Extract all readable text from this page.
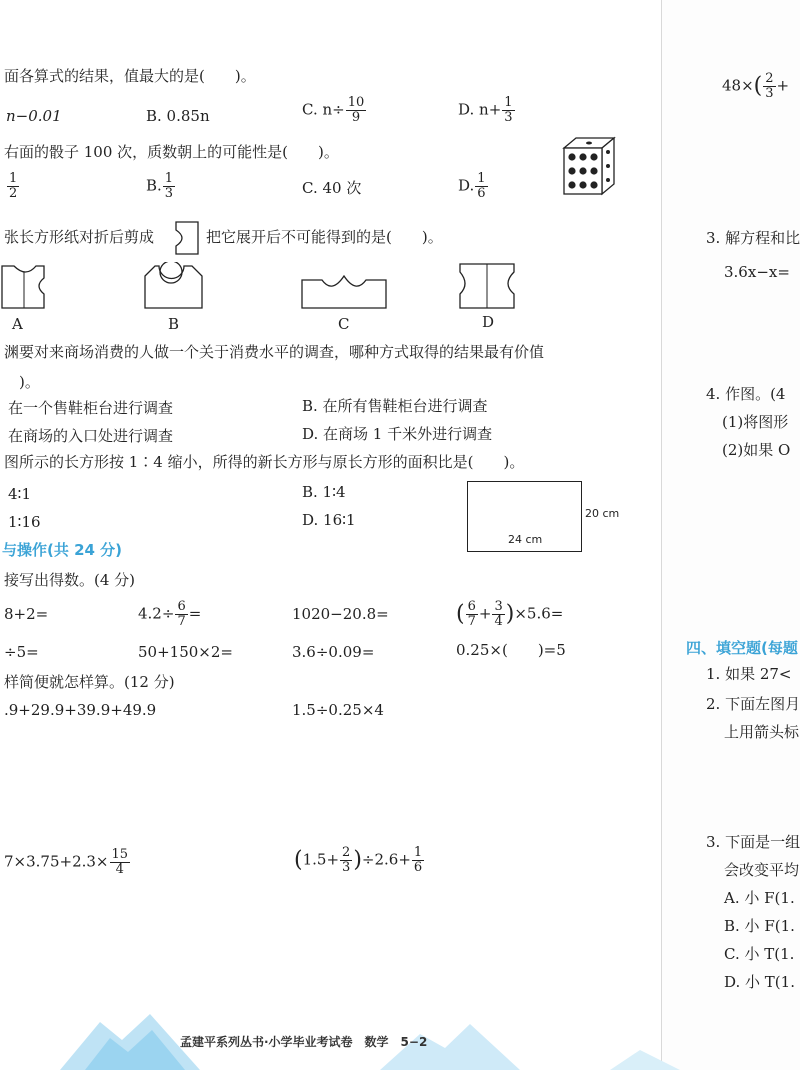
面各算式的结果，值最大的是(　　)。
n−0.01	B. 0.85n	C. $n\div \frac{10}{9}$	D. $n+ \frac{1}{3}$
右面的骰子 100 次，质数朝上的可能性是(　　)。
$\frac{1}{2}$	B. $\frac{1}{3}$	C. 40 次	D. $\frac{1}{6}$
张长方形纸对折后剪成	把它展开后不可能得到的是(　　)。
A	B	C	D
渊要对来商场消费的人做一个关于消费水平的调查，哪种方式取得的结果最有价值
　)。
在一个售鞋柜台进行调查	B. 在所有售鞋柜台进行调查
在商场的入口处进行调查	D. 在商场 1 千米外进行调查
图所示的长方形按 1∶4 缩小，所得的新长方形与原长方形的面积比是(　　)。
4∶1	B. 1∶4
1∶16	D. 16∶1
24 cm
20 cm
与操作(共 24 分)
接写出得数。(4 分)
8+2=	$4.2\div \frac{6}{7}$ =	1020−20.8=	( $\frac{6}{7} + \frac{3}{4} )\times 5.6=$
÷5=	50+150×2=	3.6÷0.09=	0.25×(　　)=5
样简便就怎样算。(12 分)
.9+29.9+39.9+49.9	1.5÷0.25×4
$7\times 3.75+2.3\times \frac{15}{4}$	$(1.5+ \frac{2}{3} )\div 2.6+ \frac{1}{6}$
$48\times( \frac{2}{3}$ +
3. 解方程和比
3.6x−x=
4. 作图。(4
(1)将图形
(2)如果 O
四、填空题(每题
1. 如果 27<
2. 下面左图月
上用箭头标
3. 下面是一组
会改变平均
A. 小 F(1.
B. 小 F(1.
C. 小 T(1.
D. 小 T(1.
孟建平系列丛书·小学毕业考试卷　数学　5−2
